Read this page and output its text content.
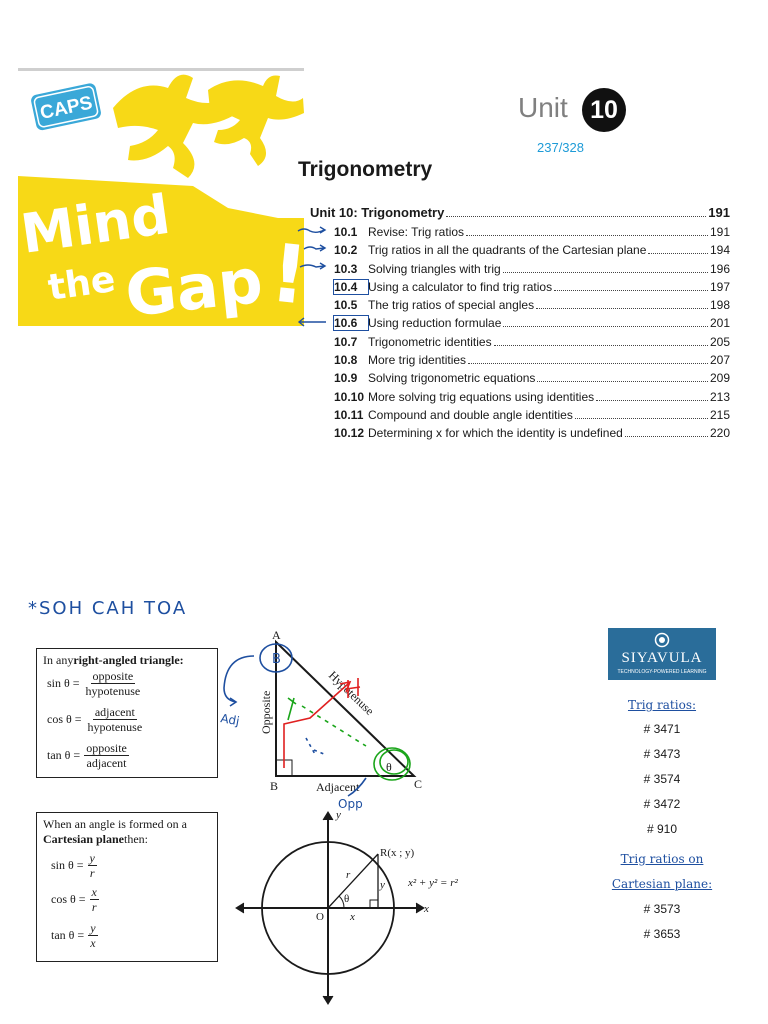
CAPS
Mind
the Gap !
Unit 10
237/328
Trigonometry
Unit 10: Trigonometry	191
10.1 Revise: Trig ratios	191
10.2 Trig ratios in all the quadrants of the Cartesian plane	194
10.3 Solving triangles with trig	196
10.4 Using a calculator to find trig ratios	197
10.5 The trig ratios of special angles	198
10.6 Using reduction formulae	201
10.7 Trigonometric identities	205
10.8 More trig identities	207
10.9 Solving trigonometric equations	209
10.10 More solving trig equations using identities	213
10.11 Compound and double angle identities	215
10.12 Determining x for which the identity is undefined	220
*SOH CAH TOA
In any right-angled triangle:
$\sin \theta = \frac{\text{opposite}}{\text{hypotenuse}}$
$\cos \theta = \frac{\text{adjacent}}{\text{hypotenuse}}$
$\tan \theta = \frac{\text{opposite}}{\text{adjacent}}$
A
B	C
Adjacent
Opposite	Hypotenuse
θ
B
Adj
Opp
When an angle is formed on a
Cartesian plane then:
$\sin \theta = \frac{y}{r}$
$\cos \theta = \frac{x}{r}$
$\tan \theta = \frac{y}{x}$
R(x ; y)
x² + y² = r²
x
y
O
r
x
y
θ
SIYAVULA
TECHNOLOGY-POWERED LEARNING
Trig ratios:
Trig ratios on
Cartesian plane:
# 3471
# 3473
# 3574
# 3472
# 910
# 3573
# 3653
